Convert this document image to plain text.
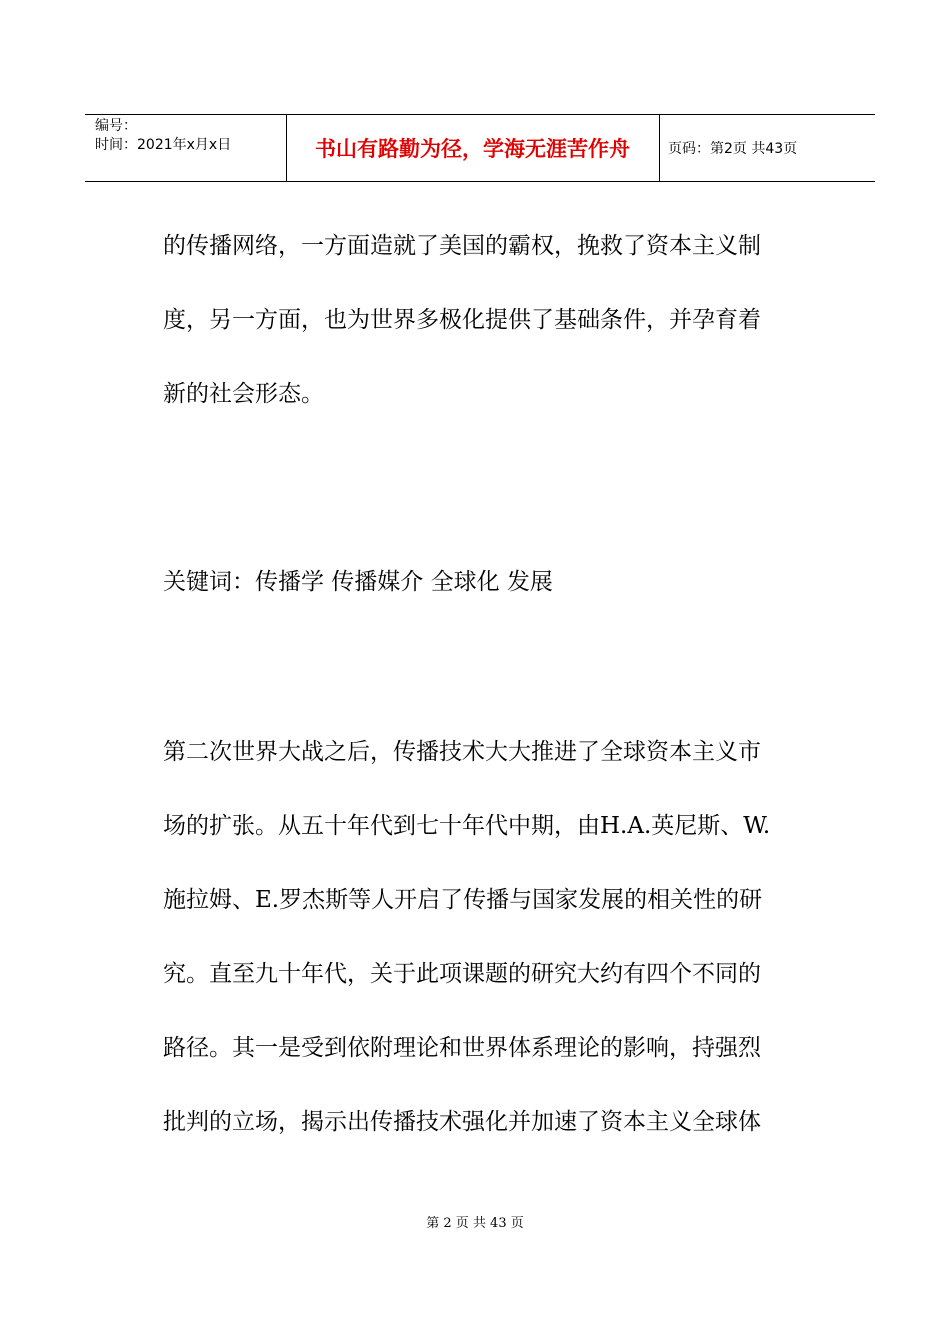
编号：
时间：2021年x月x日	书山有路勤为径，学海无涯苦作舟	页码：第2页 共43页
的传播网络，一方面造就了美国的霸权，挽救了资本主义制
度，另一方面，也为世界多极化提供了基础条件，并孕育着
新的社会形态。
关键词：传播学 传播媒介 全球化 发展
第二次世界大战之后，传播技术大大推进了全球资本主义市
场的扩张。从五十年代到七十年代中期，由H.A.英尼斯、W.
施拉姆、E.罗杰斯等人开启了传播与国家发展的相关性的研
究。直至九十年代，关于此项课题的研究大约有四个不同的
路径。其一是受到依附理论和世界体系理论的影响，持强烈
批判的立场，揭示出传播技术强化并加速了资本主义全球体
第 2 页 共 43 页
